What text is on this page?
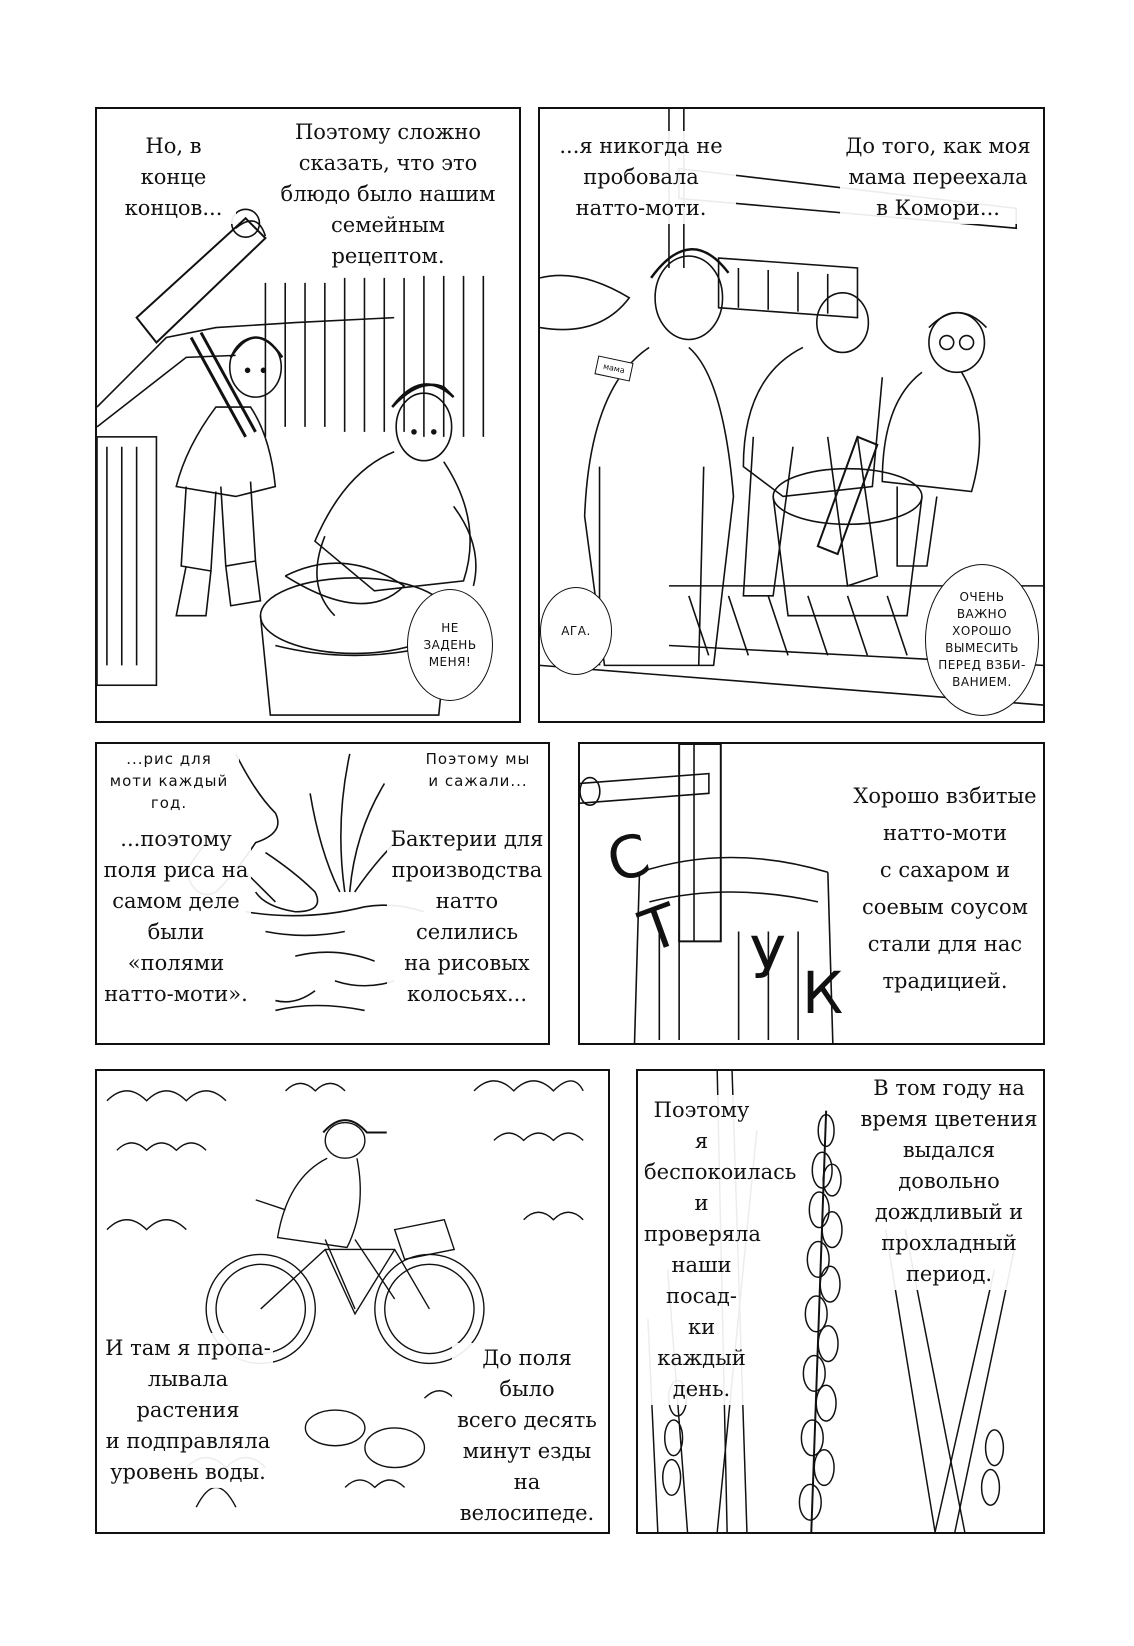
Но, в конце
концов...
Поэтому сложно
сказать, что это
блюдо было нашим
семейным рецептом.
НЕ
ЗАДЕНЬ
МЕНЯ!
...я никогда не
пробовала
натто-моти.
До того, как моя
мама переехала
в Комори...
мама
АГА.
ОЧЕНЬ
ВАЖНО
ХОРОШО
ВЫМЕСИТЬ
ПЕРЕД ВЗБИ-
ВАНИЕМ.
...рис для
моти каждый
год.
Поэтому мы
и сажали...
...поэтому
поля риса на
самом деле
были «полями
натто-моти».
Бактерии для
производства
натто селились
на рисовых
колосьях...
С
Т У
К
Хорошо взбитые
натто-моти
с сахаром и
соевым соусом
стали для нас
традицией.
И там я пропа-
лывала растения
и подправляла
уровень воды.
До поля было
всего десять
минут езды на
велосипеде.
Поэтому я
беспокоилась
и проверяла
наши посад-
ки каждый
день.
В том году на
время цветения
выдался довольно
дождливый и
прохладный
период.
